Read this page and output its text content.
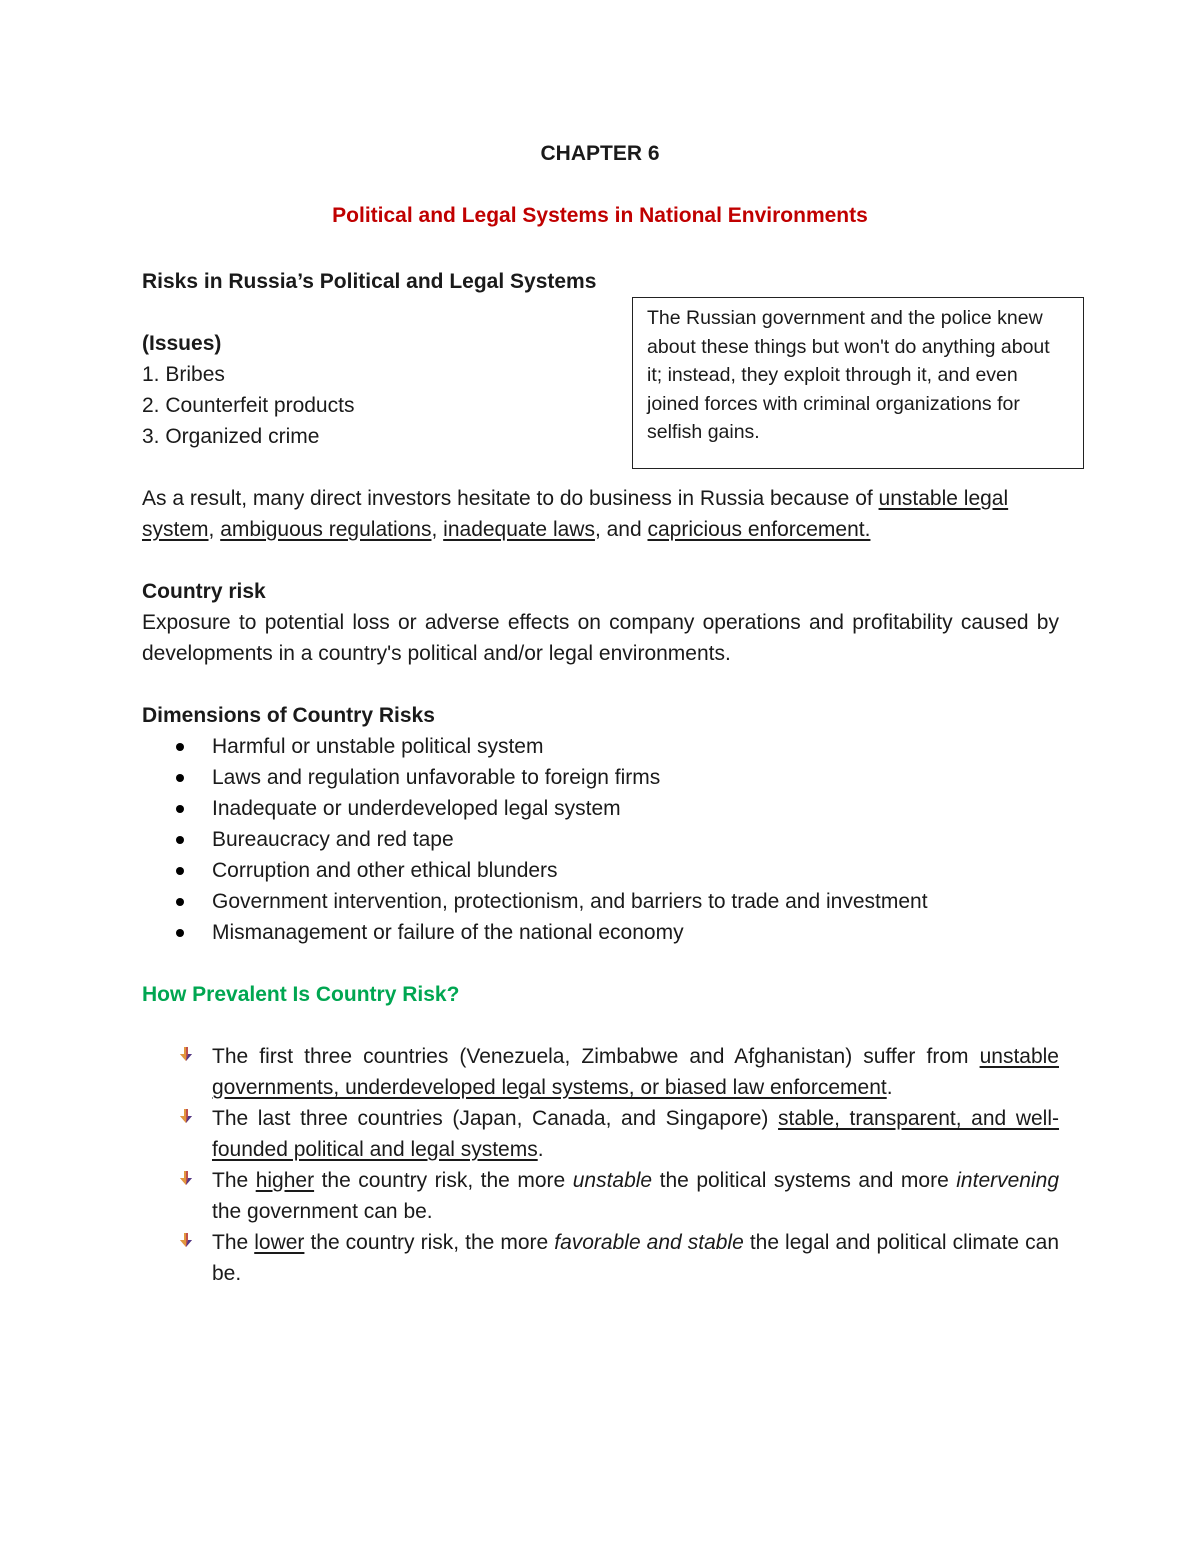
CHAPTER 6
Political and Legal Systems in National Environments
The Russian government and the police knew about these things but won't do anything about it; instead, they exploit through it, and even joined forces with criminal organizations for selfish gains.

Risks in Russia’s Political and Legal Systems

(Issues)

1. Bribes
2. Counterfeit products
3. Organized crime

As a result, many direct investors hesitate to do business in Russia because of unstable legal system, ambiguous regulations, inadequate laws, and capricious enforcement.

Country risk

Exposure to potential loss or adverse effects on company operations and profitability caused by developments in a country's political and/or legal environments.

Dimensions of Country Risks

Harmful or unstable political system
Laws and regulation unfavorable to foreign firms
Inadequate or underdeveloped legal system
Bureaucracy and red tape
Corruption and other ethical blunders
Government intervention, protectionism, and barriers to trade and investment
Mismanagement or failure of the national economy

How Prevalent Is Country Risk?

The first three countries (Venezuela, Zimbabwe and Afghanistan) suffer from unstable governments, underdeveloped legal systems, or biased law enforcement.
The last three countries (Japan, Canada, and Singapore) stable, transparent, and well-founded political and legal systems.
The higher the country risk, the more unstable the political systems and more intervening the government can be.
The lower the country risk, the more favorable and stable the legal and political climate can be.
